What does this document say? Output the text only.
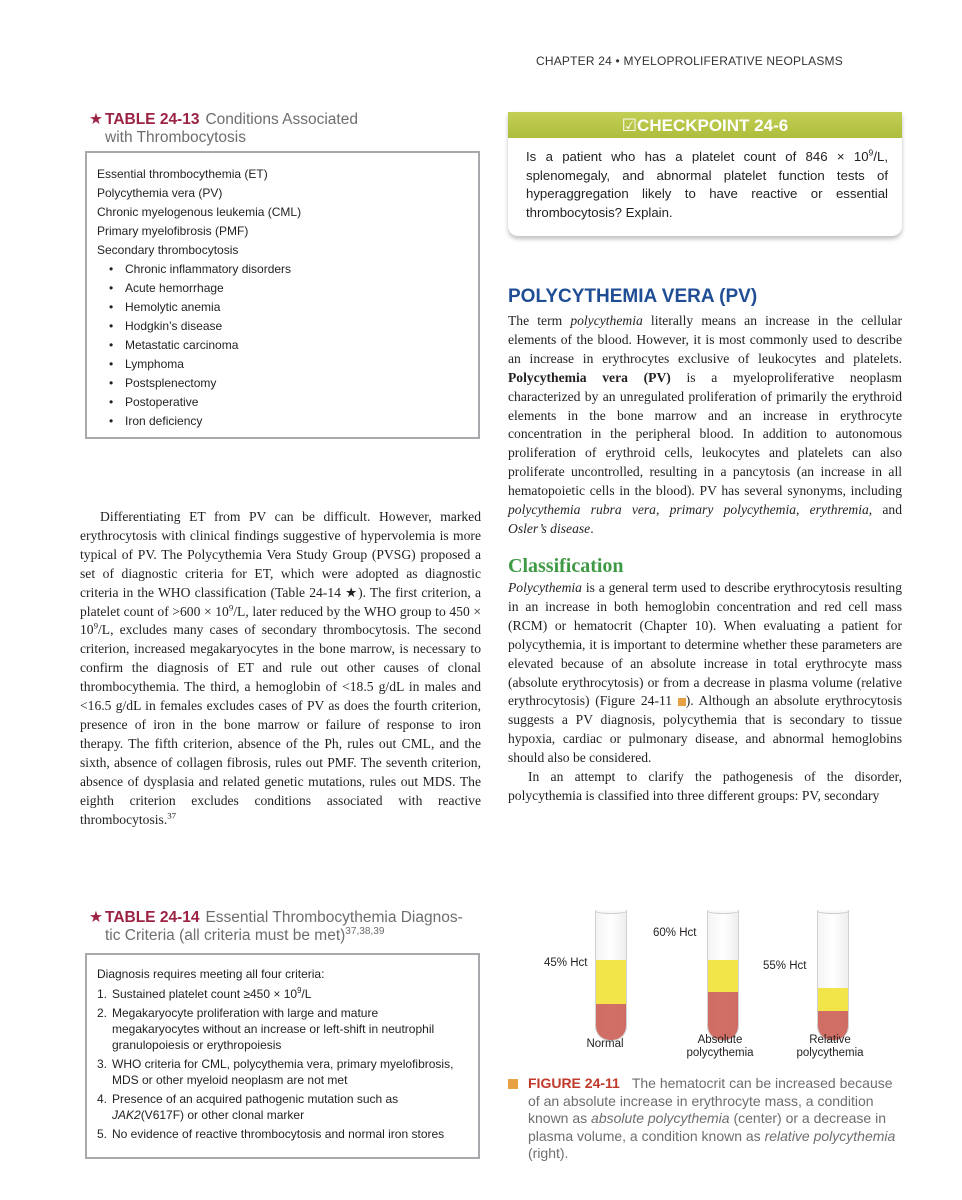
CHAPTER 24 • MYELOPROLIFERATIVE NEOPLASMS
★ TABLE 24-13 Conditions Associated
with Thrombocytosis
Essential thrombocythemia (ET)
Polycythemia vera (PV)
Chronic myelogenous leukemia (CML)
Primary myelofibrosis (PMF)
Secondary thrombocytosis
• Chronic inflammatory disorders
• Acute hemorrhage
• Hemolytic anemia
• Hodgkin’s disease
• Metastatic carcinoma
• Lymphoma
• Postsplenectomy
• Postoperative
• Iron deficiency
☑CHECKPOINT 24-6
Is a patient who has a platelet count of $846 \times 10^9/L$, splenomegaly, and abnormal platelet function tests of hyperaggregation likely to have reactive or essential thrombocytosis? Explain.

Differentiating ET from PV can be difficult. However, marked erythrocytosis with clinical findings suggestive of hypervolemia is more typical of PV. The Polycythemia Vera Study Group (PVSG) proposed a set of diagnostic criteria for ET, which were adopted as diagnostic criteria in the WHO classification (Table 24-14 ★). The first criterion, a platelet count of $>600 \times 10^9/L$, later reduced by the WHO group to $450 \times 10^9/L$, excludes many cases of secondary thrombocytosis. The second criterion, increased megakaryocytes in the bone marrow, is necessary to confirm the diagnosis of ET and rule out other causes of clonal thrombocythemia. The third, a hemoglobin of <18.5 g/dL in males and <16.5 g/dL in females excludes cases of PV as does the fourth criterion, presence of iron in the bone marrow or failure of response to iron therapy. The fifth criterion, absence of the Ph, rules out CML, and the sixth, absence of collagen fibrosis, rules out PMF. The seventh criterion, absence of dysplasia and related genetic mutations, rules out MDS. The eighth criterion excludes conditions associated with reactive thrombocytosis.$^{37}$

★ TABLE 24-14 Essential Thrombocythemia Diagnos-
tic Criteria (all criteria must be met)$^{37,38,39}$
Diagnosis requires meeting all four criteria:
1. Sustained platelet count $\ge 450 \times 10^9/L$
2. Megakaryocyte proliferation with large and mature megakaryocytes without an increase or left-shift in neutrophil granulopoiesis or erythropoiesis
3. WHO criteria for CML, polycythemia vera, primary myelofibrosis, MDS or other myeloid neoplasm are not met
4. Presence of an acquired pathogenic mutation such as JAK2(V617F) or other clonal marker
5. No evidence of reactive thrombocytosis and normal iron stores
POLYCYTHEMIA VERA (PV)

The term polycythemia literally means an increase in the cellular elements of the blood. However, it is most commonly used to describe an increase in erythrocytes exclusive of leukocytes and platelets. Polycythemia vera (PV) is a myeloproliferative neoplasm characterized by an unregulated proliferation of primarily the erythroid elements in the bone marrow and an increase in erythrocyte concentration in the peripheral blood. In addition to autonomous proliferation of erythroid cells, leukocytes and platelets can also proliferate uncontrolled, resulting in a pancytosis (an increase in all hematopoietic cells in the blood). PV has several synonyms, including polycythemia rubra vera, primary polycythemia, erythremia, and Osler’s disease.

Classification

Polycythemia is a general term used to describe erythrocytosis resulting in an increase in both hemoglobin concentration and red cell mass (RCM) or hematocrit (Chapter 10). When evaluating a patient for polycythemia, it is important to determine whether these parameters are elevated because of an absolute increase in total erythrocyte mass (absolute erythrocytosis) or from a decrease in plasma volume (relative erythrocytosis) (Figure 24-11 ). Although an absolute erythrocytosis suggests a PV diagnosis, polycythemia that is secondary to tissue hypoxia, cardiac or pulmonary disease, and abnormal hemoglobins should also be considered.

In an attempt to clarify the pathogenesis of the disorder, polycythemia is classified into three different groups: PV, secondary

45% Hct
Normal
60% Hct
Absolute polycythemia
55% Hct
Relative polycythemia
FIGURE 24-11 The hematocrit can be increased because of an absolute increase in erythrocyte mass, a condition known as absolute polycythemia (center) or a decrease in plasma volume, a condition known as relative polycythemia (right).
